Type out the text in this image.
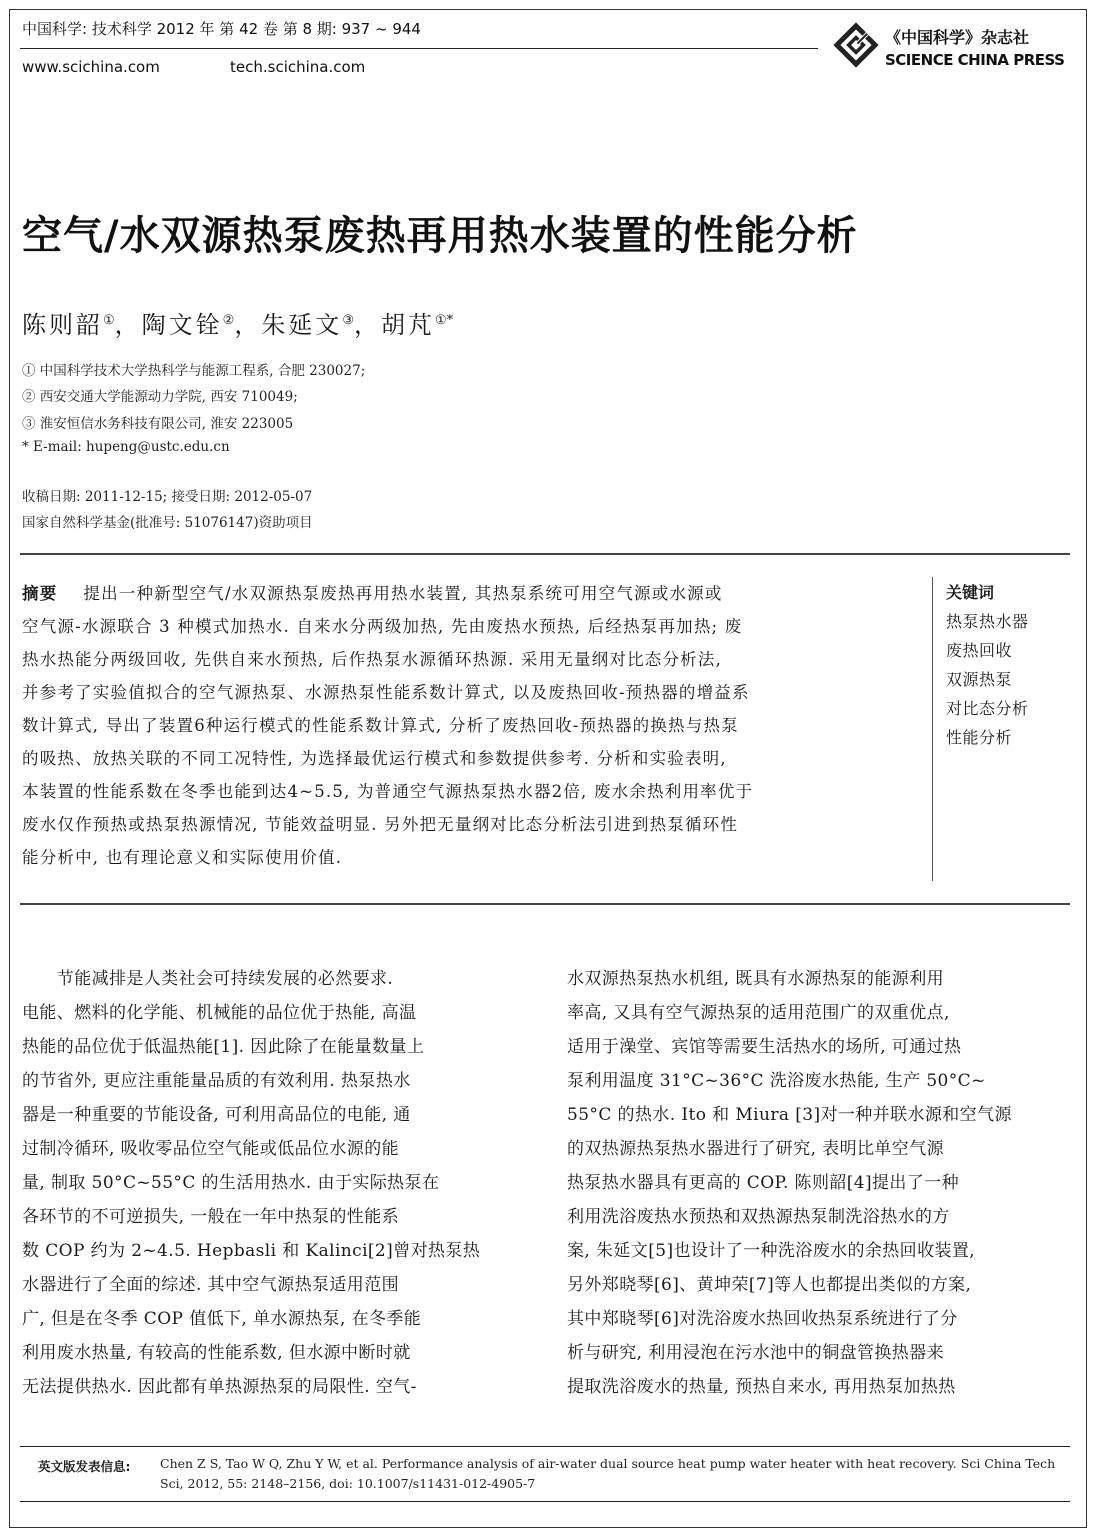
中国科学: 技术科学 2012 年 第 42 卷 第 8 期: 937 ~ 944
www.scichina.com	tech.scichina.com
《中国科学》杂志社
SCIENCE CHINA PRESS
空气/水双源热泵废热再用热水装置的性能分析
陈则韶①，陶文铨②，朱延文③，胡芃①*
① 中国科学技术大学热科学与能源工程系, 合肥 230027;
② 西安交通大学能源动力学院, 西安 710049;
③ 淮安恒信水务科技有限公司, 淮安 223005
* E-mail: hupeng@ustc.edu.cn
收稿日期: 2011-12-15; 接受日期: 2012-05-07
国家自然科学基金(批准号: 51076147)资助项目
摘要 提出一种新型空气/水双源热泵废热再用热水装置, 其热泵系统可用空气源或水源或
空气源-水源联合 3 种模式加热水. 自来水分两级加热, 先由废热水预热, 后经热泵再加热; 废
热水热能分两级回收, 先供自来水预热, 后作热泵水源循环热源. 采用无量纲对比态分析法,
并参考了实验值拟合的空气源热泵、水源热泵性能系数计算式, 以及废热回收-预热器的增益系
数计算式, 导出了装置6种运行模式的性能系数计算式, 分析了废热回收-预热器的换热与热泵
的吸热、放热关联的不同工况特性, 为选择最优运行模式和参数提供参考. 分析和实验表明,
本装置的性能系数在冬季也能到达4~5.5, 为普通空气源热泵热水器2倍, 废水余热利用率优于
废水仅作预热或热泵热源情况, 节能效益明显. 另外把无量纲对比态分析法引进到热泵循环性
能分析中, 也有理论意义和实际使用价值.
关键词
热泵热水器
废热回收
双源热泵
对比态分析
性能分析
　　节能减排是人类社会可持续发展的必然要求.
电能、燃料的化学能、机械能的品位优于热能, 高温
热能的品位优于低温热能[1]. 因此除了在能量数量上
的节省外, 更应注重能量品质的有效利用. 热泵热水
器是一种重要的节能设备, 可利用高品位的电能, 通
过制冷循环, 吸收零品位空气能或低品位水源的能
量, 制取 50°C~55°C 的生活用热水. 由于实际热泵在
各环节的不可逆损失, 一般在一年中热泵的性能系
数 COP 约为 2~4.5. Hepbasli 和 Kalinci[2]曾对热泵热
水器进行了全面的综述. 其中空气源热泵适用范围
广, 但是在冬季 COP 值低下, 单水源热泵, 在冬季能
利用废水热量, 有较高的性能系数, 但水源中断时就
无法提供热水. 因此都有单热源热泵的局限性. 空气-
水双源热泵热水机组, 既具有水源热泵的能源利用
率高, 又具有空气源热泵的适用范围广的双重优点,
适用于澡堂、宾馆等需要生活热水的场所, 可通过热
泵利用温度 31°C~36°C 洗浴废水热能, 生产 50°C~
55°C 的热水. Ito 和 Miura [3]对一种并联水源和空气源
的双热源热泵热水器进行了研究, 表明比单空气源
热泵热水器具有更高的 COP. 陈则韶[4]提出了一种
利用洗浴废热水预热和双热源热泵制洗浴热水的方
案, 朱延文[5]也设计了一种洗浴废水的余热回收装置,
另外郑晓琴[6]、黄坤荣[7]等人也都提出类似的方案,
其中郑晓琴[6]对洗浴废水热回收热泵系统进行了分
析与研究, 利用浸泡在污水池中的铜盘管换热器来
提取洗浴废水的热量, 预热自来水, 再用热泵加热热
英文版发表信息: Chen Z S, Tao W Q, Zhu Y W, et al. Performance analysis of air-water dual source heat pump water heater with heat recovery. Sci China Tech
Sci, 2012, 55: 2148–2156, doi: 10.1007/s11431-012-4905-7
